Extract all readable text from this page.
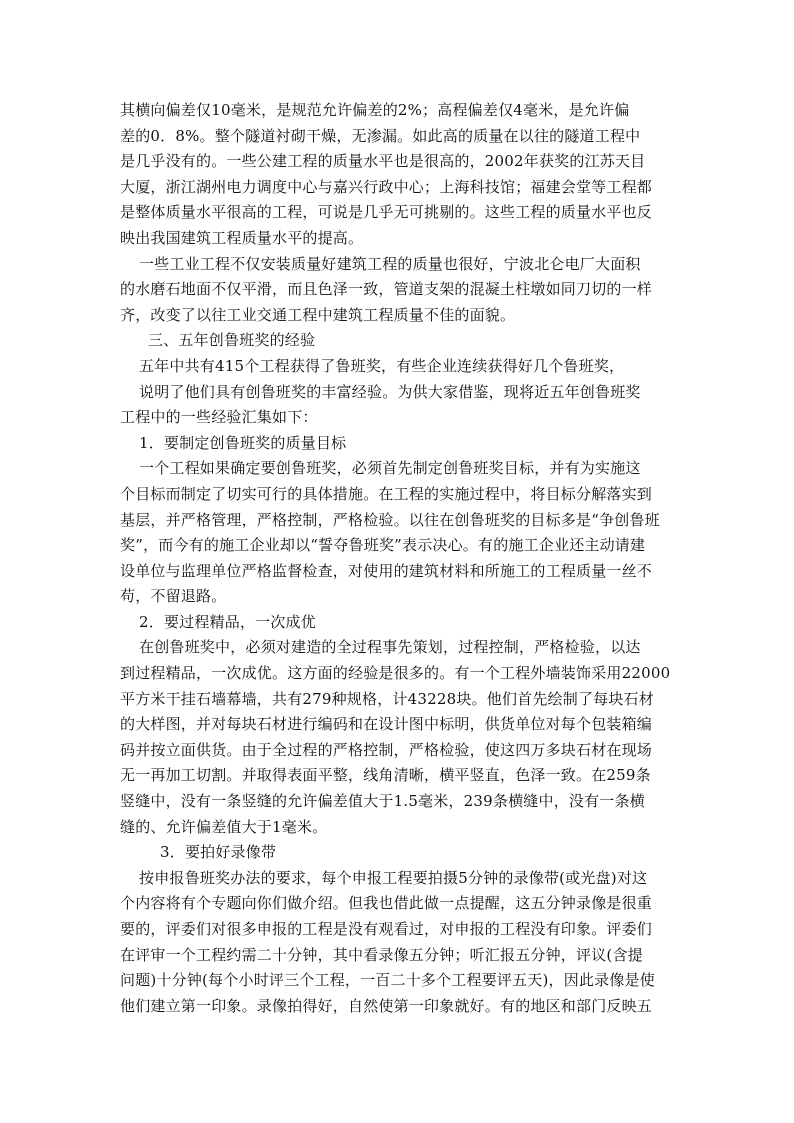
其横向偏差仅10毫米，是规范允许偏差的2%；高程偏差仅4毫米，是允许偏
差的0．8%。整个隧道衬砌干燥，无渗漏。如此高的质量在以往的隧道工程中
是几乎没有的。一些公建工程的质量水平也是很高的，2002年获奖的江苏天目
大厦，浙江湖州电力调度中心与嘉兴行政中心；上海科技馆；福建会堂等工程都
是整体质量水平很高的工程，可说是几乎无可挑剔的。这些工程的质量水平也反
映出我国建筑工程质量水平的提高。
一些工业工程不仅安装质量好建筑工程的质量也很好，宁波北仑电厂大面积
的水磨石地面不仅平滑，而且色泽一致，管道支架的混凝土柱墩如同刀切的一样
齐，改变了以往工业交通工程中建筑工程质量不佳的面貌。
三、五年创鲁班奖的经验
五年中共有415个工程获得了鲁班奖，有些企业连续获得好几个鲁班奖，
说明了他们具有创鲁班奖的丰富经验。为供大家借鉴，现将近五年创鲁班奖
工程中的一些经验汇集如下：
1．要制定创鲁班奖的质量目标
一个工程如果确定要创鲁班奖，必须首先制定创鲁班奖目标，并有为实施这
个目标而制定了切实可行的具体措施。在工程的实施过程中，将目标分解落实到
基层，并严格管理，严格控制，严格检验。以往在创鲁班奖的目标多是“争创鲁班
奖”，而今有的施工企业却以“誓夺鲁班奖”表示决心。有的施工企业还主动请建
设单位与监理单位严格监督检查，对使用的建筑材料和所施工的工程质量一丝不
苟，不留退路。
2．要过程精品，一次成优
在创鲁班奖中，必须对建造的全过程事先策划，过程控制，严格检验，以达
到过程精品，一次成优。这方面的经验是很多的。有一个工程外墙装饰采用22000
平方米干挂石墙幕墙，共有279种规格，计43228块。他们首先绘制了每块石材
的大样图，并对每块石材进行编码和在设计图中标明，供货单位对每个包装箱编
码并按立面供货。由于全过程的严格控制，严格检验，使这四万多块石材在现场
无一再加工切割。并取得表面平整，线角清晰，横平竖直，色泽一致。在259条
竖缝中，没有一条竖缝的允许偏差值大于1.5毫米，239条横缝中，没有一条横
缝的、允许偏差值大于1毫米。
3．要拍好录像带
按申报鲁班奖办法的要求，每个申报工程要拍摄5分钟的录像带(或光盘)对这
个内容将有个专题向你们做介绍。但我也借此做一点提醒，这五分钟录像是很重
要的，评委们对很多申报的工程是没有观看过，对申报的工程没有印象。评委们
在评审一个工程约需二十分钟，其中看录像五分钟；听汇报五分钟，评议(含提
问题)十分钟(每个小时评三个工程，一百二十多个工程要评五天)，因此录像是使
他们建立第一印象。录像拍得好，自然使第一印象就好。有的地区和部门反映五
